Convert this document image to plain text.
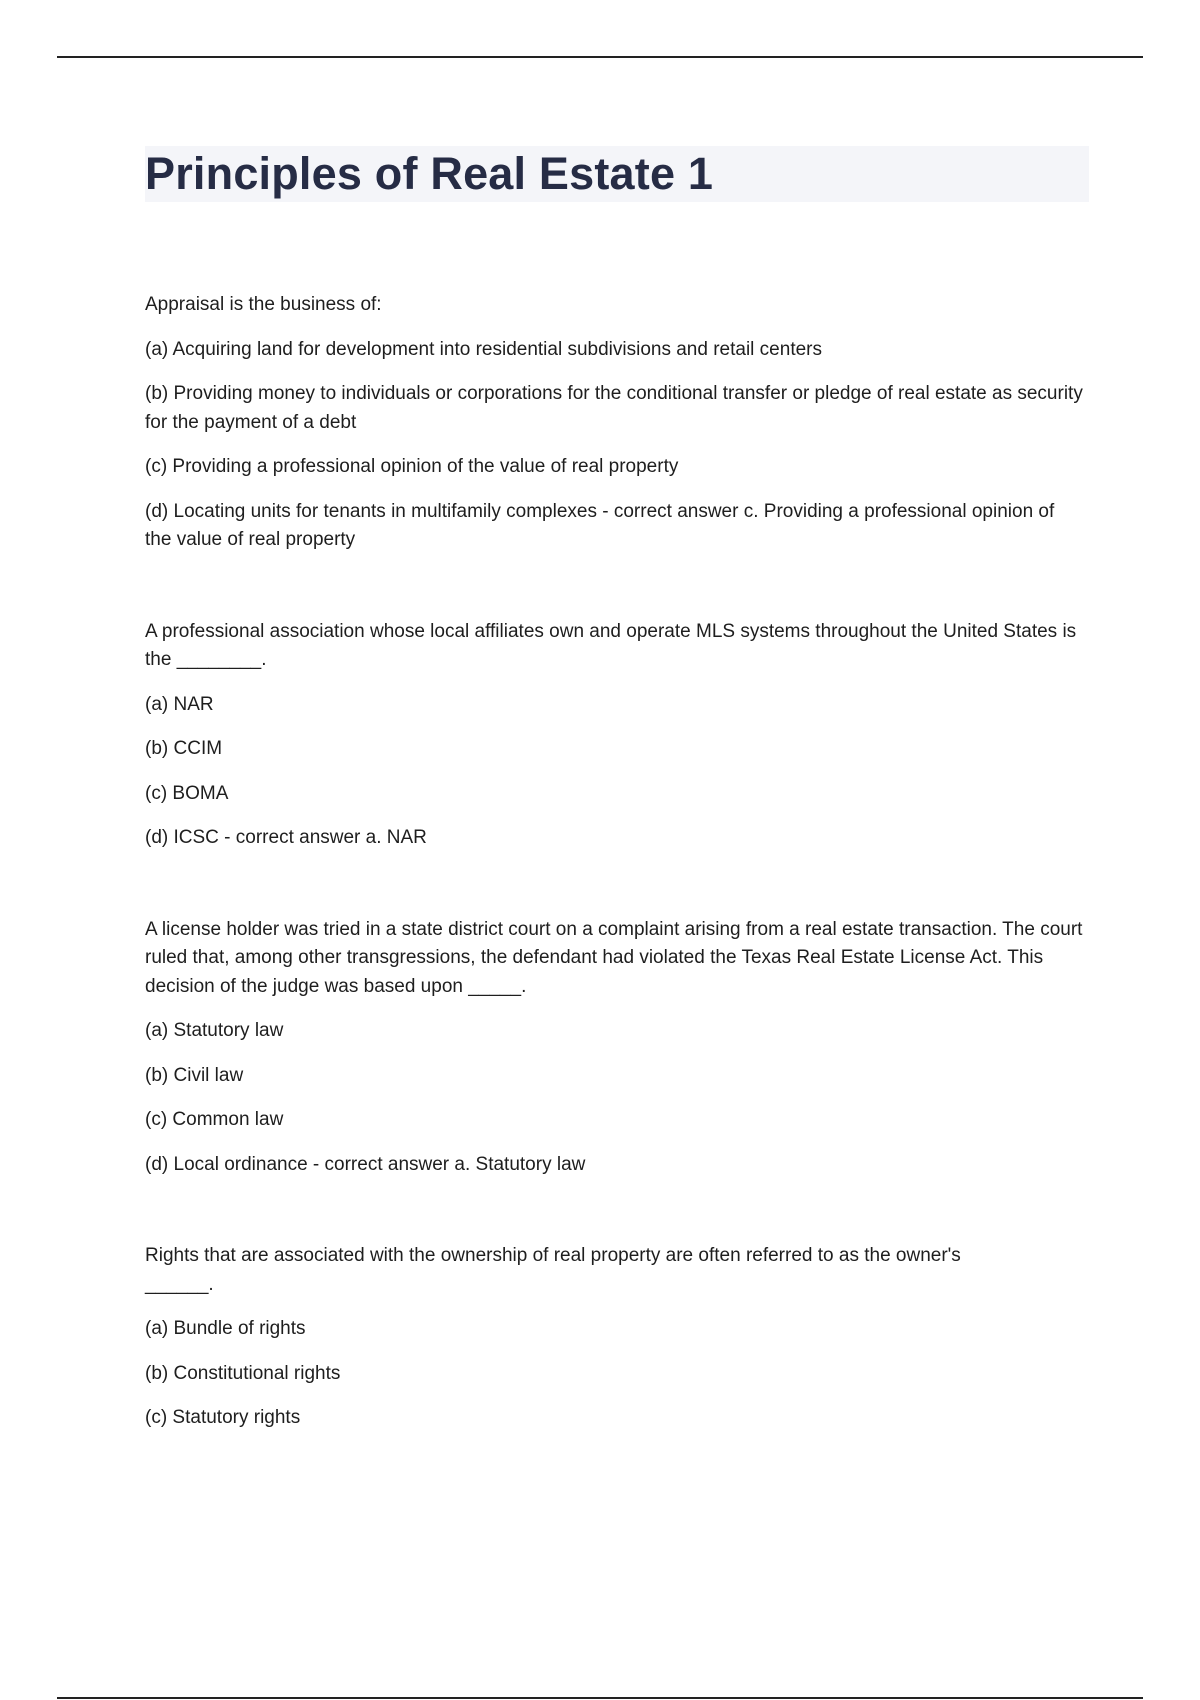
Principles of Real Estate 1

Appraisal is the business of:

(a) Acquiring land for development into residential subdivisions and retail centers

(b) Providing money to individuals or corporations for the conditional transfer or pledge of real estate as security for the payment of a debt

(c) Providing a professional opinion of the value of real property

(d) Locating units for tenants in multifamily complexes - correct answer c. Providing a professional opinion of the value of real property

A professional association whose local affiliates own and operate MLS systems throughout the United States is the ________.

(a) NAR

(b) CCIM

(c) BOMA

(d) ICSC - correct answer a. NAR

A license holder was tried in a state district court on a complaint arising from a real estate transaction. The court ruled that, among other transgressions, the defendant had violated the Texas Real Estate License Act. This decision of the judge was based upon _____.

(a) Statutory law

(b) Civil law

(c) Common law

(d) Local ordinance - correct answer a. Statutory law

Rights that are associated with the ownership of real property are often referred to as the owner's
______.

(a) Bundle of rights

(b) Constitutional rights

(c) Statutory rights
